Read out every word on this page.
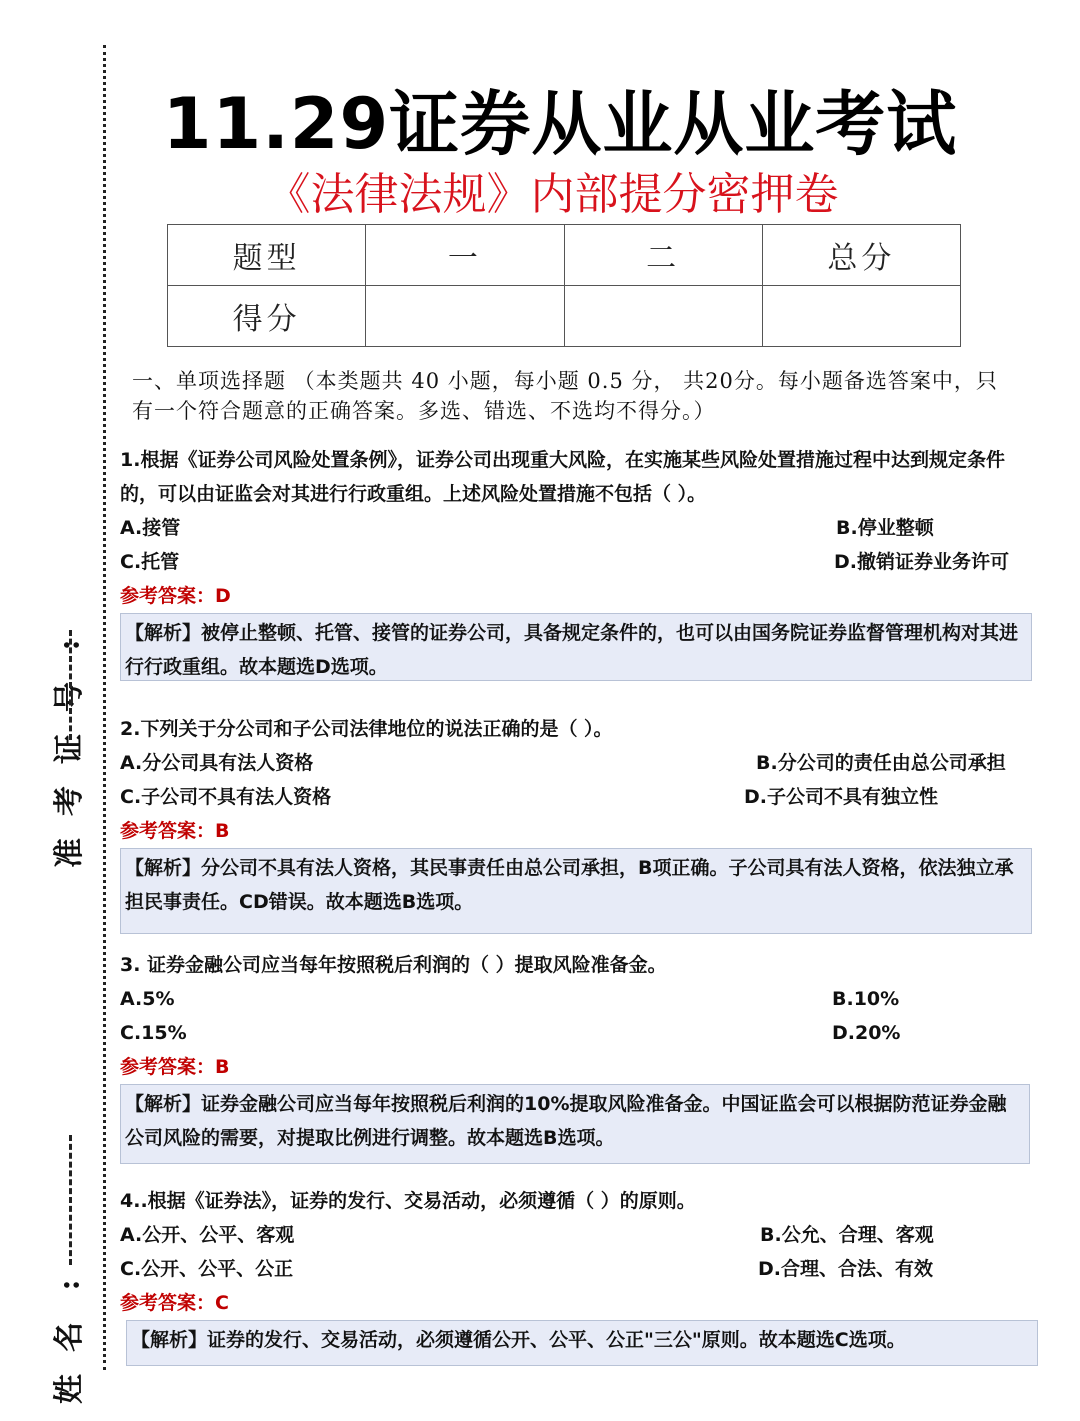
:
号
证
考
准
:
名
姓
11.29证券从业从业考试
《法律法规》内部提分密押卷
题型	一	二	总分
得分			
一、单项选择题 （本类题共 40 小题，每小题 0.5 分， 共20分。每小题备选答案中，只有一个符合题意的正确答案。多选、错选、不选均不得分。）
1.根据《证券公司风险处置条例》，证券公司出现重大风险，在实施某些风险处置措施过程中达到规定条件的，可以由证监会对其进行行政重组。上述风险处置措施不包括（ ）。
A.接管	B.停业整顿
C.托管	D.撤销证券业务许可
参考答案：D
【解析】被停止整顿、托管、接管的证券公司，具备规定条件的，也可以由国务院证券监督管理机构对其进行行政重组。故本题选D选项。
2.下列关于分公司和子公司法律地位的说法正确的是（ ）。
A.分公司具有法人资格	B.分公司的责任由总公司承担
C.子公司不具有法人资格	D.子公司不具有独立性
参考答案：B
【解析】分公司不具有法人资格，其民事责任由总公司承担，B项正确。子公司具有法人资格，依法独立承担民事责任。CD错误。故本题选B选项。
3. 证券金融公司应当每年按照税后利润的（ ）提取风险准备金。
A.5%	B.10%
C.15%	D.20%
参考答案：B
【解析】证券金融公司应当每年按照税后利润的10%提取风险准备金。中国证监会可以根据防范证券金融公司风险的需要，对提取比例进行调整。故本题选B选项。
4..根据《证券法》，证券的发行、交易活动，必须遵循（ ）的原则。
A.公开、公平、客观	B.公允、合理、客观
C.公开、公平、公正	D.合理、合法、有效
参考答案：C
【解析】证券的发行、交易活动，必须遵循公开、公平、公正"三公"原则。故本题选C选项。
